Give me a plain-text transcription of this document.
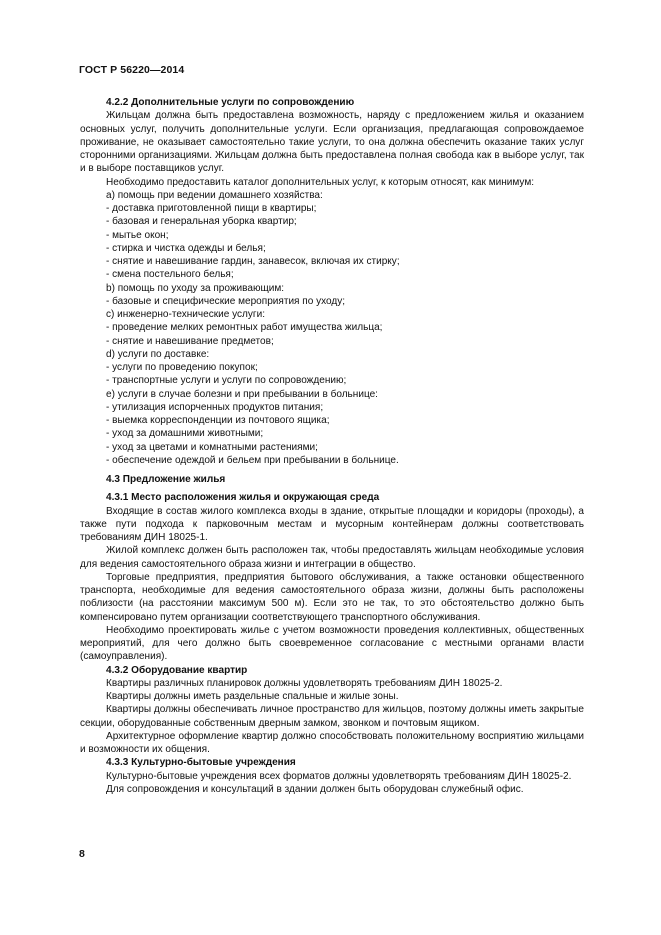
ГОСТ Р 56220—2014

4.2.2 Дополнительные услуги по сопровождению

Жильцам должна быть предоставлена возможность, наряду с предложением жилья и оказанием основных услуг, получить дополнительные услуги. Если организация, предлагающая сопровождаемое проживание, не оказывает самостоятельно такие услуги, то она должна обеспечить оказание таких услуг сторонними организациями. Жильцам должна быть предоставлена полная свобода как в выборе услуг, так и в выборе поставщиков услуг.

Необходимо предоставить каталог дополнительных услуг, к которым относят, как минимум:

a) помощь при ведении домашнего хозяйства:

- доставка приготовленной пищи в квартиры;

- базовая и генеральная уборка квартир;

- мытье окон;

- стирка и чистка одежды и белья;

- снятие и навешивание гардин, занавесок, включая их стирку;

- смена постельного белья;

b) помощь по уходу за проживающим:

- базовые и специфические мероприятия по уходу;

c) инженерно-технические услуги:

- проведение мелких ремонтных работ имущества жильца;

- снятие и навешивание предметов;

d) услуги по доставке:

- услуги по проведению покупок;

- транспортные услуги и услуги по сопровождению;

e) услуги в случае болезни и при пребывании в больнице:

- утилизация испорченных продуктов питания;

- выемка корреспонденции из почтового ящика;

- уход за домашними животными;

- уход за цветами и комнатными растениями;

- обеспечение одеждой и бельем при пребывании в больнице.

4.3 Предложение жилья

4.3.1 Место расположения жилья и окружающая среда

Входящие в состав жилого комплекса входы в здание, открытые площадки и коридоры (проходы), а также пути подхода к парковочным местам и мусорным контейнерам должны соответствовать требованиям ДИН 18025-1.

Жилой комплекс должен быть расположен так, чтобы предоставлять жильцам необходимые условия для ведения самостоятельного образа жизни и интеграции в общество.

Торговые предприятия, предприятия бытового обслуживания, а также остановки общественного транспорта, необходимые для ведения самостоятельного образа жизни, должны быть расположены поблизости (на расстоянии максимум 500 м). Если это не так, то это обстоятельство должно быть компенсировано путем организации соответствующего транспортного обслуживания.

Необходимо проектировать жилье с учетом возможности проведения коллективных, общественных мероприятий, для чего должно быть своевременное согласование с местными органами власти (самоуправления).

4.3.2 Оборудование квартир

Квартиры различных планировок должны удовлетворять требованиям ДИН 18025-2.

Квартиры должны иметь раздельные спальные и жилые зоны.

Квартиры должны обеспечивать личное пространство для жильцов, поэтому должны иметь закрытые секции, оборудованные собственным дверным замком, звонком и почтовым ящиком.

Архитектурное оформление квартир должно способствовать положительному восприятию жильцами и возможности их общения.

4.3.3 Культурно-бытовые учреждения

Культурно-бытовые учреждения всех форматов должны удовлетворять требованиям ДИН 18025-2.

Для сопровождения и консультаций в здании должен быть оборудован служебный офис.

8
